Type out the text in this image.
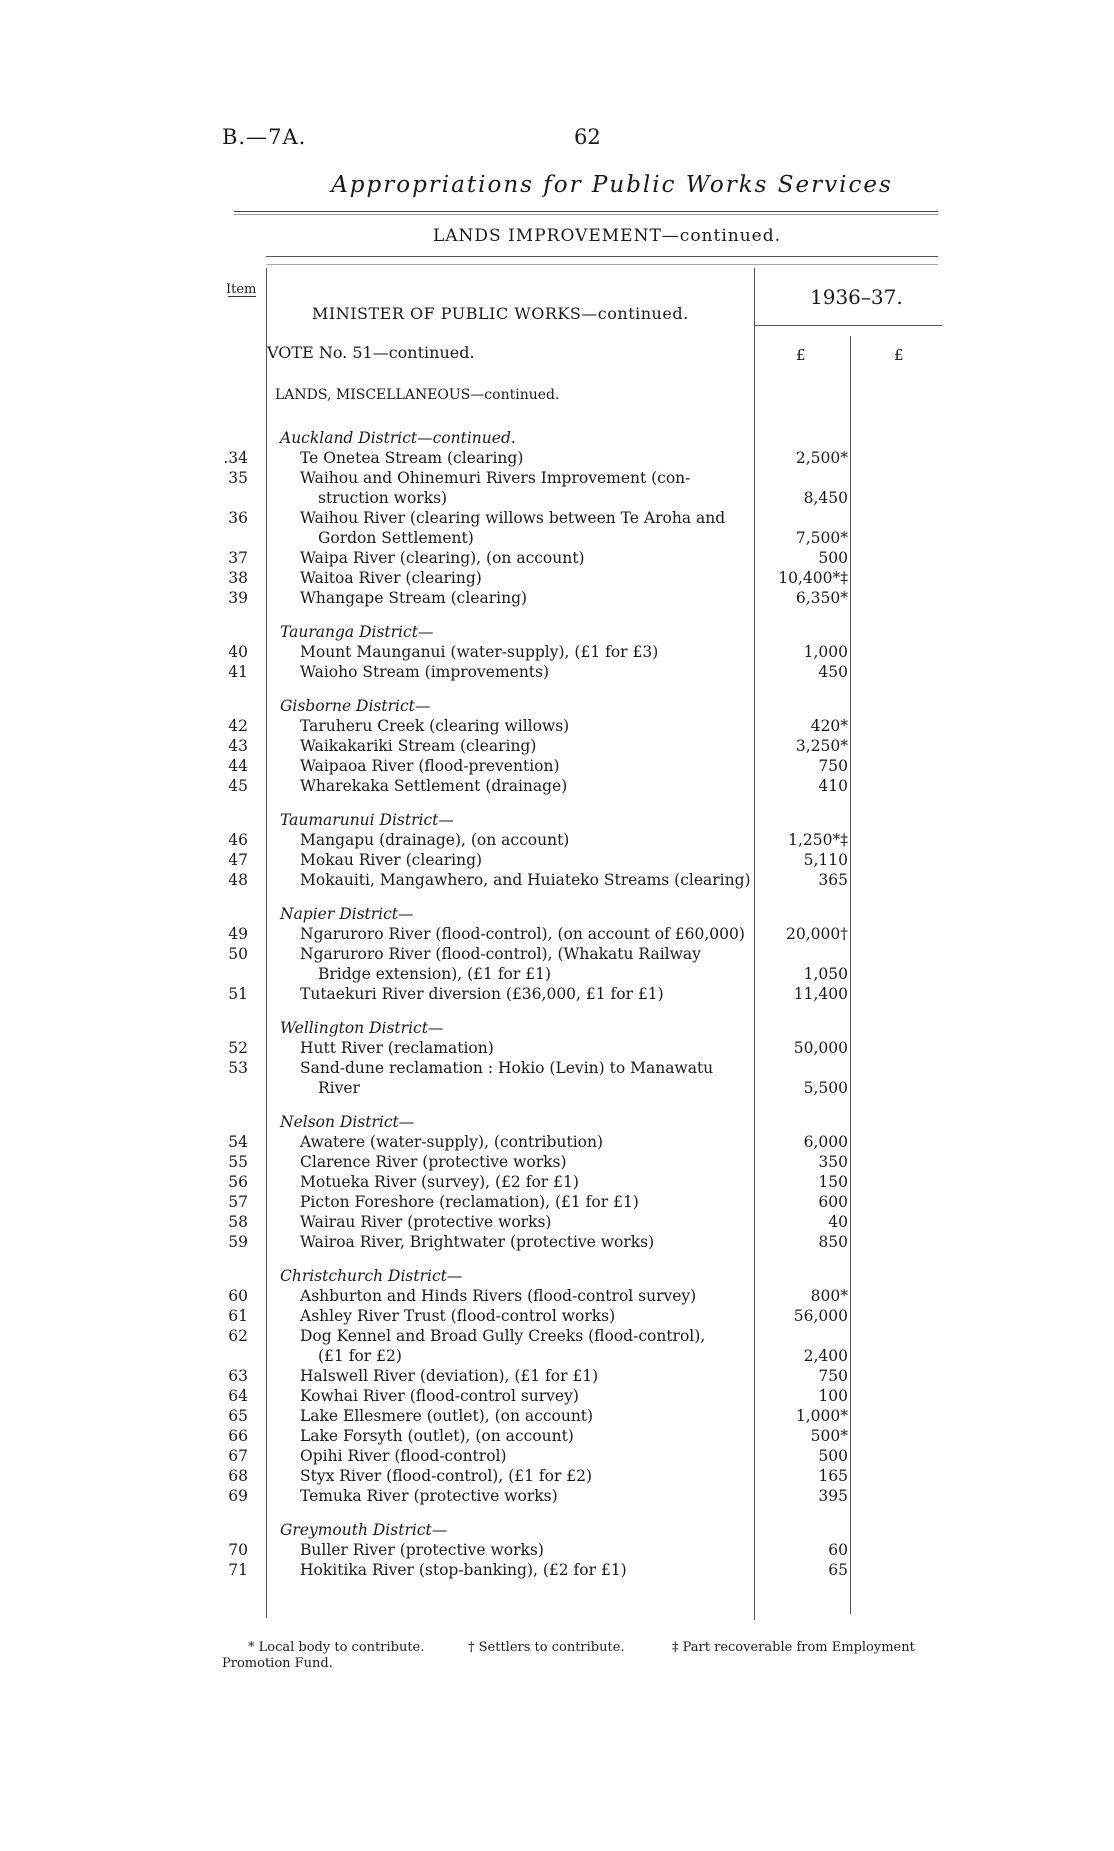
B.—7A.	62
Appropriations for Public Works Services
LANDS IMPROVEMENT—continued.
Item	1936–37.
MINISTER OF PUBLIC WORKS—continued.
VOTE No. 51—continued.	£	£
LANDS, MISCELLANEOUS—continued.
Auckland District—continued.
.34	Te Onetea Stream (clearing)	2,500*
35	Waihou and Ohinemuri Rivers Improvement (con-
struction works)	8,450
36	Waihou River (clearing willows between Te Aroha and
Gordon Settlement)	7,500*
37	Waipa River (clearing), (on account)	500
38	Waitoa River (clearing)	10,400*‡
39	Whangape Stream (clearing)	6,350*
Tauranga District—
40	Mount Maunganui (water-supply), (£1 for £3)	1,000
41	Waioho Stream (improvements)	450
Gisborne District—
42	Taruheru Creek (clearing willows)	420*
43	Waikakariki Stream (clearing)	3,250*
44	Waipaoa River (flood-prevention)	750
45	Wharekaka Settlement (drainage)	410
Taumarunui District—
46	Mangapu (drainage), (on account)	1,250*‡
47	Mokau River (clearing)	5,110
48	Mokauiti, Mangawhero, and Huiateko Streams (clearing)	365
Napier District—
49	Ngaruroro River (flood-control), (on account of £60,000)	20,000†
50	Ngaruroro River (flood-control), (Whakatu Railway
Bridge extension), (£1 for £1)	1,050
51	Tutaekuri River diversion (£36,000, £1 for £1)	11,400
Wellington District—
52	Hutt River (reclamation)	50,000
53	Sand-dune reclamation : Hokio (Levin) to Manawatu
River	5,500
Nelson District—
54	Awatere (water-supply), (contribution)	6,000
55	Clarence River (protective works)	350
56	Motueka River (survey), (£2 for £1)	150
57	Picton Foreshore (reclamation), (£1 for £1)	600
58	Wairau River (protective works)	40
59	Wairoa River, Brightwater (protective works)	850
Christchurch District—
60	Ashburton and Hinds Rivers (flood-control survey)	800*
61	Ashley River Trust (flood-control works)	56,000
62	Dog Kennel and Broad Gully Creeks (flood-control),
(£1 for £2)	2,400
63	Halswell River (deviation), (£1 for £1)	750
64	Kowhai River (flood-control survey)	100
65	Lake Ellesmere (outlet), (on account)	1,000*
66	Lake Forsyth (outlet), (on account)	500*
67	Opihi River (flood-control)	500
68	Styx River (flood-control), (£1 for £2)	165
69	Temuka River (protective works)	395
Greymouth District—
70	Buller River (protective works)	60
71	Hokitika River (stop-banking), (£2 for £1)	65
* Local body to contribute.	† Settlers to contribute.	‡ Part recoverable from Employment
Promotion Fund.
